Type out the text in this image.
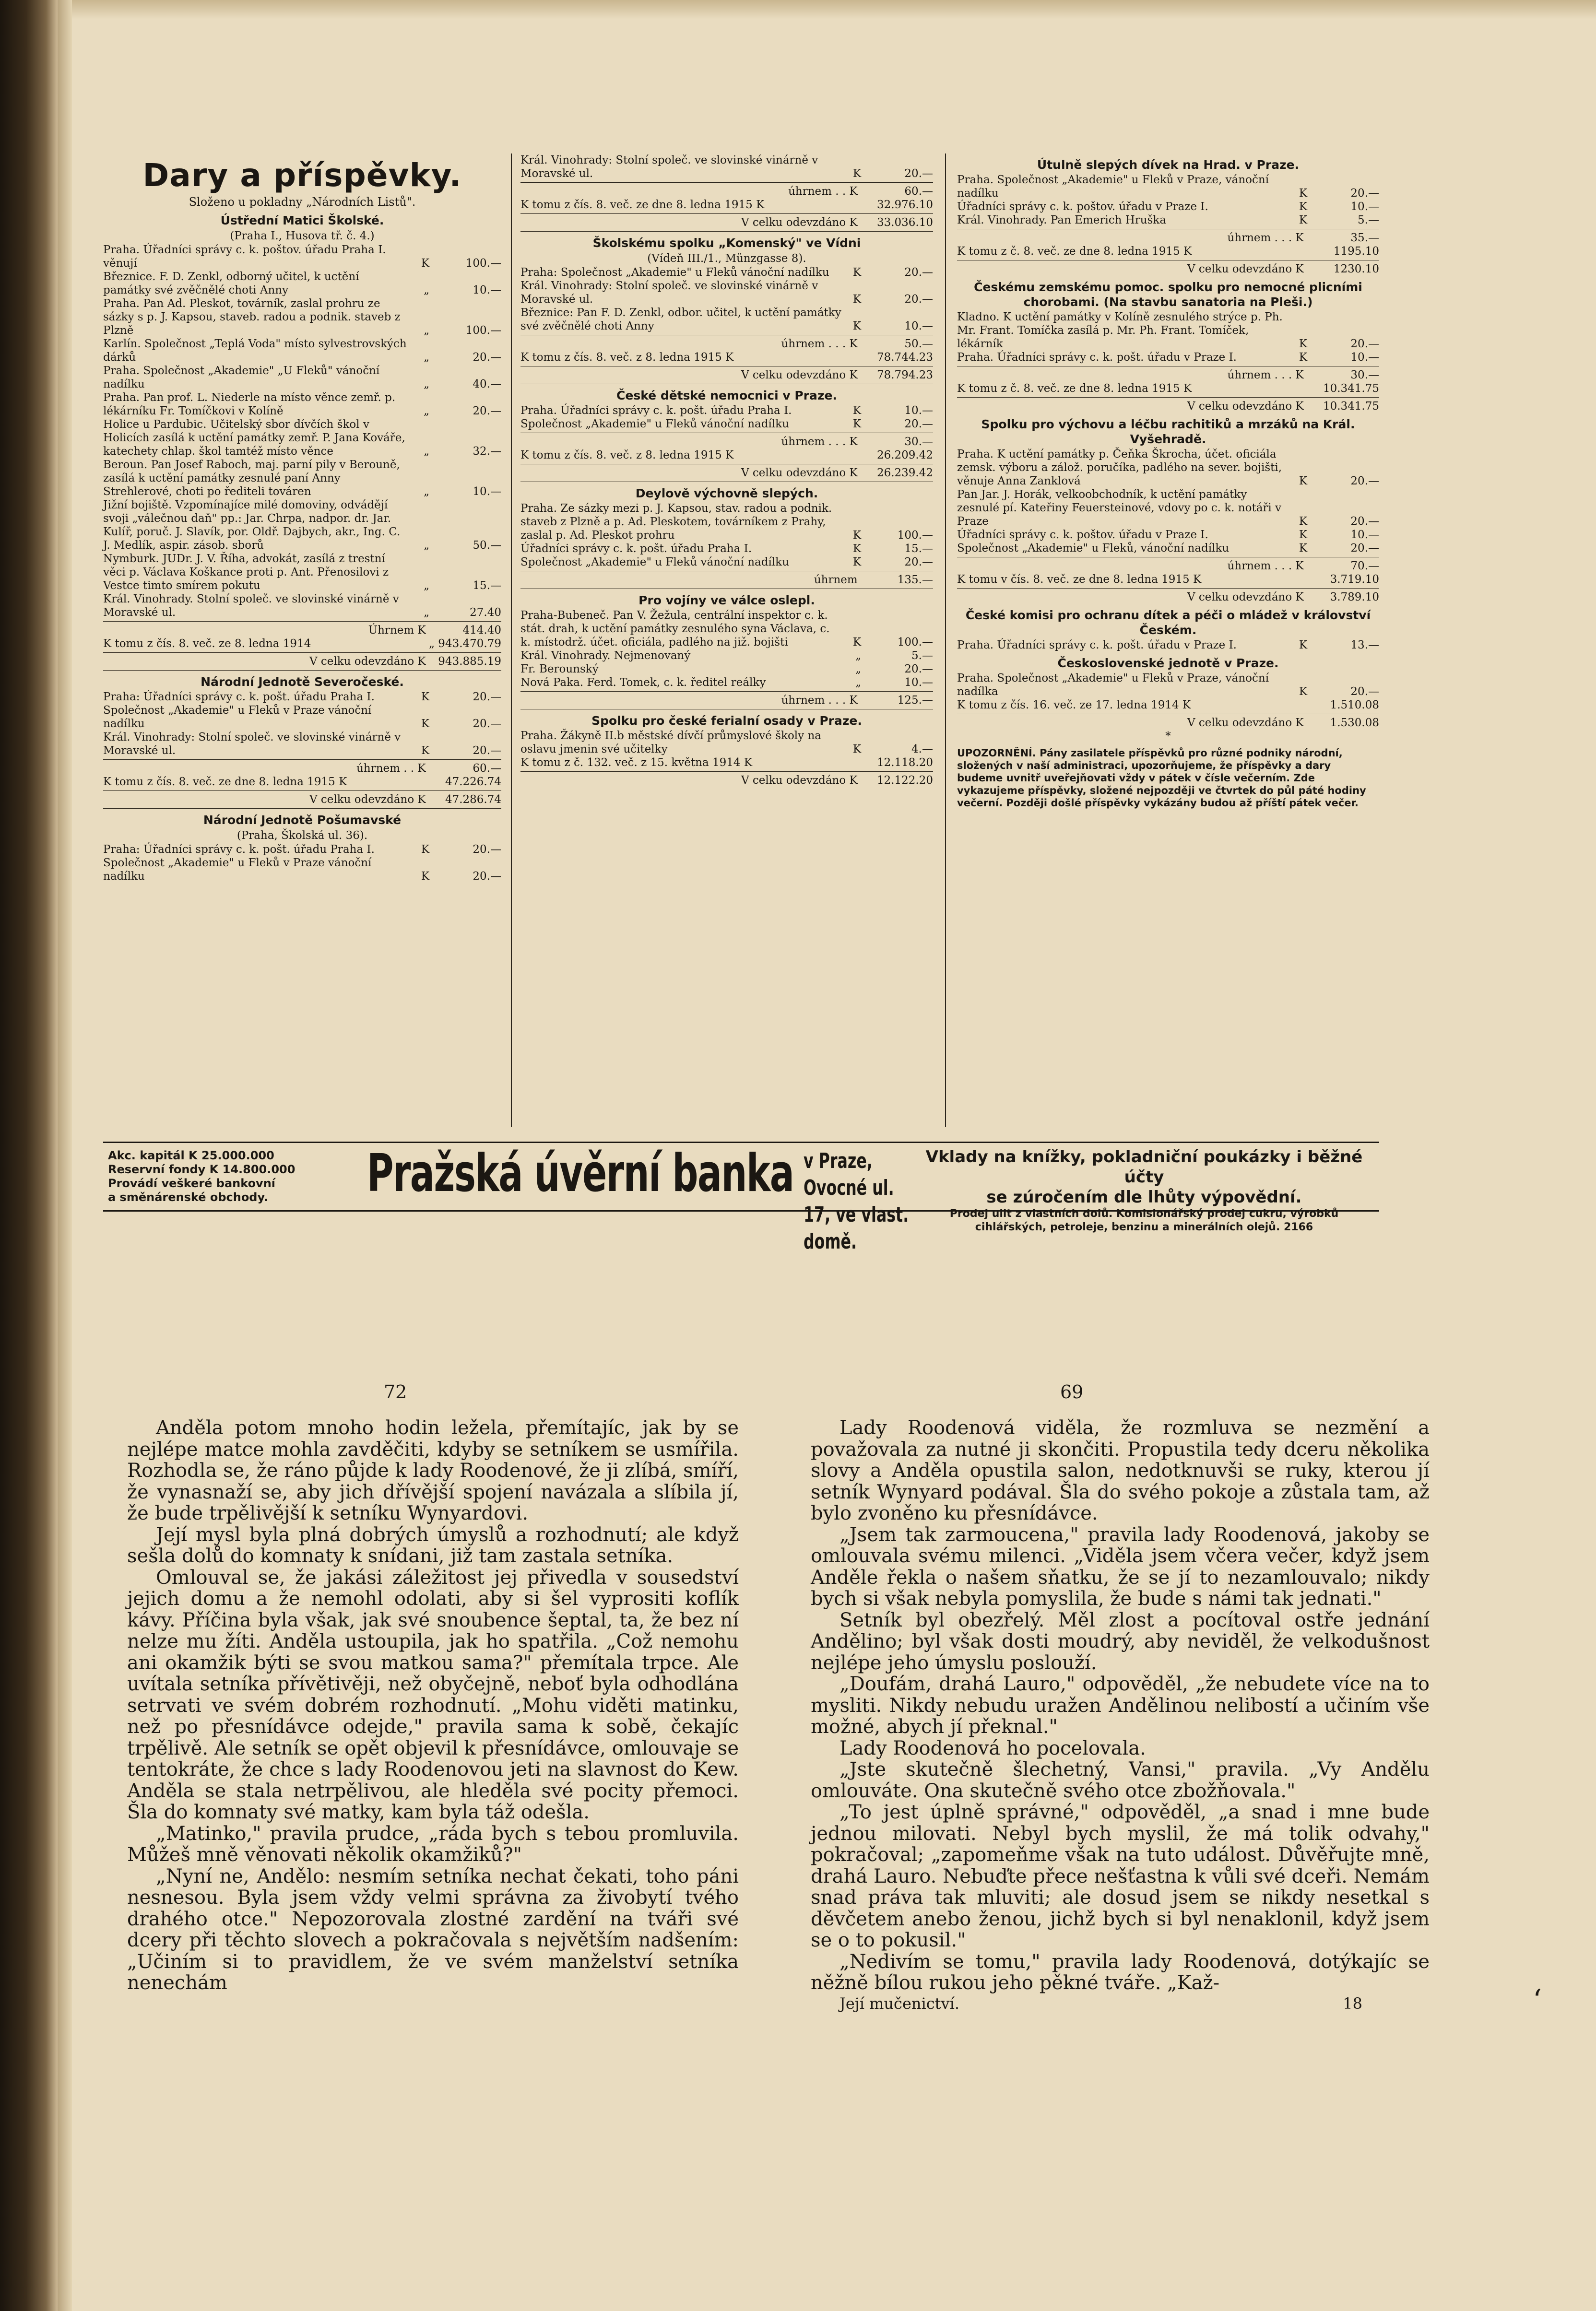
Dary a příspěvky.
Složeno u pokladny „Národních Listů".
Ústřední Matici Školské.
(Praha I., Husova tř. č. 4.)
Praha. Úřadníci správy c. k. poštov. úřadu Praha I. věnují	K	100.—
Březnice. F. D. Zenkl, odborný učitel, k uctění památky své zvěčnělé choti Anny	„	10.—
Praha. Pan Ad. Pleskot, továrník, zaslal prohru ze sázky s p. J. Kapsou, staveb. radou a podnik. staveb z Plzně	„	100.—
Karlín. Společnost „Teplá Voda" místo sylvestrovských dárků	„	20.—
Praha. Společnost „Akademie" „U Fleků" vánoční nadílku	„	40.—
Praha. Pan prof. L. Niederle na místo věnce zemř. p. lékárníku Fr. Tomíčkovi v Kolíně	„	20.—
Holice u Pardubic. Učitelský sbor dívčích škol v Holicích zasílá k uctění památky zemř. P. Jana Kováře, katechety chlap. škol tamtéž místo věnce	„	32.—
Beroun. Pan Josef Raboch, maj. parní pily v Berouně, zasílá k uctění památky zesnulé paní Anny Strehlerové, choti po řediteli továren	„	10.—
Jižní bojiště. Vzpomínajíce milé domoviny, odvádějí svoji „válečnou daň" pp.: Jar. Chrpa, nadpor. dr. Jar. Kulíř, poruč. J. Slavík, por. Oldř. Dajbych, akr., Ing. C. J. Medlík, aspir. zásob. sborů	„	50.—
Nymburk. JUDr. J. V. Říha, advokát, zasílá z trestní věci p. Václava Koškance proti p. Ant. Přenosilovi z Vestce timto smírem pokutu	„	15.—
Král. Vinohrady. Stolní společ. ve slovinské vinárně v Moravské ul.	„	27.40
Úhrnem K	414.40
K tomu z čís. 8. več. ze 8. ledna 1914	„ 943.470.79
V celku odevzdáno K 943.885.19
Národní Jednotě Severočeské.
Praha: Úřadníci správy c. k. pošt. úřadu Praha I.	K	20.—
Společnost „Akademie" u Fleků v Praze vánoční nadílku	K	20.—
Král. Vinohrady: Stolní společ. ve slovinské vinárně v Moravské ul.	K	20.—
úhrnem . . K	60.—
K tomu z čís. 8. več. ze dne 8. ledna 1915 K	47.226.74
V celku odevzdáno K 47.286.74
Národní Jednotě Pošumavské
(Praha, Školská ul. 36).
Praha: Úřadníci správy c. k. pošt. úřadu Praha I.	K	20.—
Společnost „Akademie" u Fleků v Praze vánoční nadílku	K	20.—
Král. Vinohrady: Stolní společ. ve slovinské vinárně v Moravské ul.	K	20.—
úhrnem . . K	60.—
K tomu z čís. 8. več. ze dne 8. ledna 1915 K	32.976.10
V celku odevzdáno K 33.036.10
Školskému spolku „Komenský" ve Vídni
(Vídeň III./1., Münzgasse 8).
Praha: Společnost „Akademie" u Fleků vánoční nadílku	K	20.—
Král. Vinohrady: Stolní společ. ve slovinské vinárně v Moravské ul.	K	20.—
Březnice: Pan F. D. Zenkl, odbor. učitel, k uctění památky své zvěčnělé choti Anny	K	10.—
úhrnem . . . K	50.—
K tomu z čís. 8. več. z 8. ledna 1915 K	78.744.23
V celku odevzdáno K 78.794.23
České dětské nemocnici v Praze.
Praha. Úřadníci správy c. k. pošt. úřadu Praha I.	K	10.—
Společnost „Akademie" u Fleků vánoční nadílku	K	20.—
úhrnem . . . K	30.—
K tomu z čís. 8. več. z 8. ledna 1915 K	26.209.42
V celku odevzdáno K 26.239.42
Deylově výchovně slepých.
Praha. Ze sázky mezi p. J. Kapsou, stav. radou a podnik. staveb z Plzně a p. Ad. Pleskotem, továrníkem z Prahy, zaslal p. Ad. Pleskot prohru	K	100.—
Úřadníci správy c. k. pošt. úřadu Praha I.	K	15.—
Společnost „Akademie" u Fleků vánoční nadílku	K	20.—
úhrnem	135.—
Pro vojíny ve válce oslepl.
Praha-Bubeneč. Pan V. Žežula, centrální inspektor c. k. stát. drah, k uctění památky zesnulého syna Václava, c. k. místodrž. účet. oficiála, padlého na již. bojišti	K	100.—
Král. Vinohrady. Nejmenovaný	„	5.—
Fr. Berounský	„	20.—
Nová Paka. Ferd. Tomek, c. k. ředitel reálky	„	10.—
úhrnem . . . K	125.—
Spolku pro české ferialní osady v Praze.
Praha. Žákyně II.b městské dívčí průmyslové školy na oslavu jmenin své učitelky	K	4.—
K tomu z č. 132. več. z 15. května 1914 K	12.118.20
V celku odevzdáno K 12.122.20
Útulně slepých dívek na Hrad. v Praze.
Praha. Společnost „Akademie" u Fleků v Praze, vánoční nadílku	K	20.—
Úřadníci správy c. k. poštov. úřadu v Praze I.	K	10.—
Král. Vinohrady. Pan Emerich Hruška	K	5.—
úhrnem . . . K	35.—
K tomu z č. 8. več. ze dne 8. ledna 1915 K	1195.10
V celku odevzdáno K	1230.10
Českému zemskému pomoc. spolku pro nemocné plicními chorobami. (Na stavbu sanatoria na Pleši.)
Kladno. K uctění památky v Kolíně zesnulého strýce p. Ph. Mr. Frant. Tomíčka zasílá p. Mr. Ph. Frant. Tomíček, lékárník	K	20.—
Praha. Úřadníci správy c. k. pošt. úřadu v Praze I.	K	10.—
úhrnem . . . K	30.—
K tomu z č. 8. več. ze dne 8. ledna 1915 K	10.341.75
V celku odevzdáno K 10.341.75
Spolku pro výchovu a léčbu rachitiků a mrzáků na Král. Vyšehradě.
Praha. K uctění památky p. Čeňka Škrocha, účet. oficiála zemsk. výboru a zálož. poručíka, padlého na sever. bojišti, věnuje Anna Zanklová	K	20.—
Pan Jar. J. Horák, velkoobchodník, k uctění památky zesnulé pí. Kateřiny Feuersteinové, vdovy po c. k. notáři v Praze	K	20.—
Úřadníci správy c. k. poštov. úřadu v Praze I.	K	10.—
Společnost „Akademie" u Fleků, vánoční nadílku	K	20.—
úhrnem . . . K	70.—
K tomu v čís. 8. več. ze dne 8. ledna 1915 K	3.719.10
V celku odevzdáno K 3.789.10
České komisi pro ochranu dítek a péči o mládež v království Českém.
Praha. Úřadníci správy c. k. pošt. úřadu v Praze I.	K	13.—
Československé jednotě v Praze.
Praha. Společnost „Akademie" u Fleků v Praze, vánoční nadílka	K	20.—
K tomu z čís. 16. več. ze 17. ledna 1914 K	1.510.08
V celku odevzdáno K 1.530.08
*
UPOZORNĚNÍ. Pány zasilatele příspěvků pro různé podniky národní, složených v naší administraci, upozorňujeme, že příspěvky a dary budeme uvnitř uveřejňovati vždy v pátek v čísle večerním. Zde vykazujeme příspěvky, složené nejpozději ve čtvrtek do půl páté hodiny večerní. Později došlé příspěvky vykázány budou až příští pátek večer.
Akc. kapitál K 25.000.000
Reservní fondy K 14.800.000
Provádí veškeré bankovní
a směnárenské obchody.	Pražská úvěrní banka v Praze, Ovocné ul.
17, ve vlast. domě.
Vklady na knížky, pokladniční poukázky i běžné účty
se zúročením dle lhůty výpovědní.
Prodej ulit z vlastních dolů. Komisionářský prodej cukru, výrobků
cihlářských, petroleje, benzinu a minerálních olejů. 2166
72	69

Anděla potom mnoho hodin ležela, přemítajíc, jak by se nejlépe matce mohla zavděčiti, kdyby se setníkem se usmířila. Rozhodla se, že ráno půjde k lady Roodenové, že ji zlíbá, smíří, že vynasnaží se, aby jich dřívější spojení navázala a slíbila jí, že bude trpělivější k setníku Wynyardovi.

Její mysl byla plná dobrých úmyslů a rozhodnutí; ale když sešla dolů do komnaty k snídani, již tam zastala setníka.

Omlouval se, že jakási záležitost jej přivedla v sousedství jejich domu a že nemohl odolati, aby si šel vyprositi koflík kávy. Příčina byla však, jak své snoubence šeptal, ta, že bez ní nelze mu žíti. Anděla ustoupila, jak ho spatřila. „Což nemohu ani okamžik býti se svou matkou sama?" přemítala trpce. Ale uvítala setníka přívětivěji, než obyčejně, neboť byla odhodlána setrvati ve svém dobrém rozhodnutí. „Mohu viděti matinku, než po přesnídávce odejde," pravila sama k sobě, čekajíc trpělivě. Ale setník se opět objevil k přesnídávce, omlouvaje se tentokráte, že chce s lady Roodenovou jeti na slavnost do Kew. Anděla se stala netrpělivou, ale hleděla své pocity přemoci. Šla do komnaty své matky, kam byla táž odešla.

„Matinko," pravila prudce, „ráda bych s tebou promluvila. Můžeš mně věnovati několik okamžiků?"

„Nyní ne, Andělo: nesmím setníka nechat čekati, toho páni nesnesou. Byla jsem vždy velmi správna za živobytí tvého drahého otce." Nepozorovala zlostné zardění na tváři své dcery při těchto slovech a pokračovala s největším nadšením: „Učiním si to pravidlem, že ve svém manželství setníka nenechám

Lady Roodenová viděla, že rozmluva se nezmění a považovala za nutné ji skončiti. Propustila tedy dceru několika slovy a Anděla opustila salon, nedotknuvši se ruky, kterou jí setník Wynyard podával. Šla do svého pokoje a zůstala tam, až bylo zvoněno ku přesnídávce.

„Jsem tak zarmoucena," pravila lady Roodenová, jakoby se omlouvala svému milenci. „Viděla jsem včera večer, když jsem Anděle řekla o našem sňatku, že se jí to nezamlouvalo; nikdy bych si však nebyla pomyslila, že bude s námi tak jednati."

Setník byl obezřelý. Měl zlost a pocítoval ostře jednání Andělino; byl však dosti moudrý, aby neviděl, že velkodušnost nejlépe jeho úmyslu poslouží.

„Doufám, drahá Lauro," odpověděl, „že nebudete více na to mysliti. Nikdy nebudu uražen Andělinou nelibostí a učiním vše možné, abych jí překnal."

Lady Roodenová ho pocelovala.

„Jste skutečně šlechetný, Vansi," pravila. „Vy Andělu omlouváte. Ona skutečně svého otce zbožňovala."

„To jest úplně správné," odpověděl, „a snad i mne bude jednou milovati. Nebyl bych myslil, že má tolik odvahy," pokračoval; „zapomeňme však na tuto událost. Důvěřujte mně, drahá Lauro. Nebuďte přece nešťastna k vůli své dceři. Nemám snad práva tak mluviti; ale dosud jsem se nikdy nesetkal s děvčetem anebo ženou, jichž bych si byl nenaklonil, když jsem se o to pokusil."

„Nedivím se tomu," pravila lady Roodenová, dotýkajíc se něžně bílou rukou jeho pěkné tváře. „Kaž-

Její mučenictví.	18	ʻ
